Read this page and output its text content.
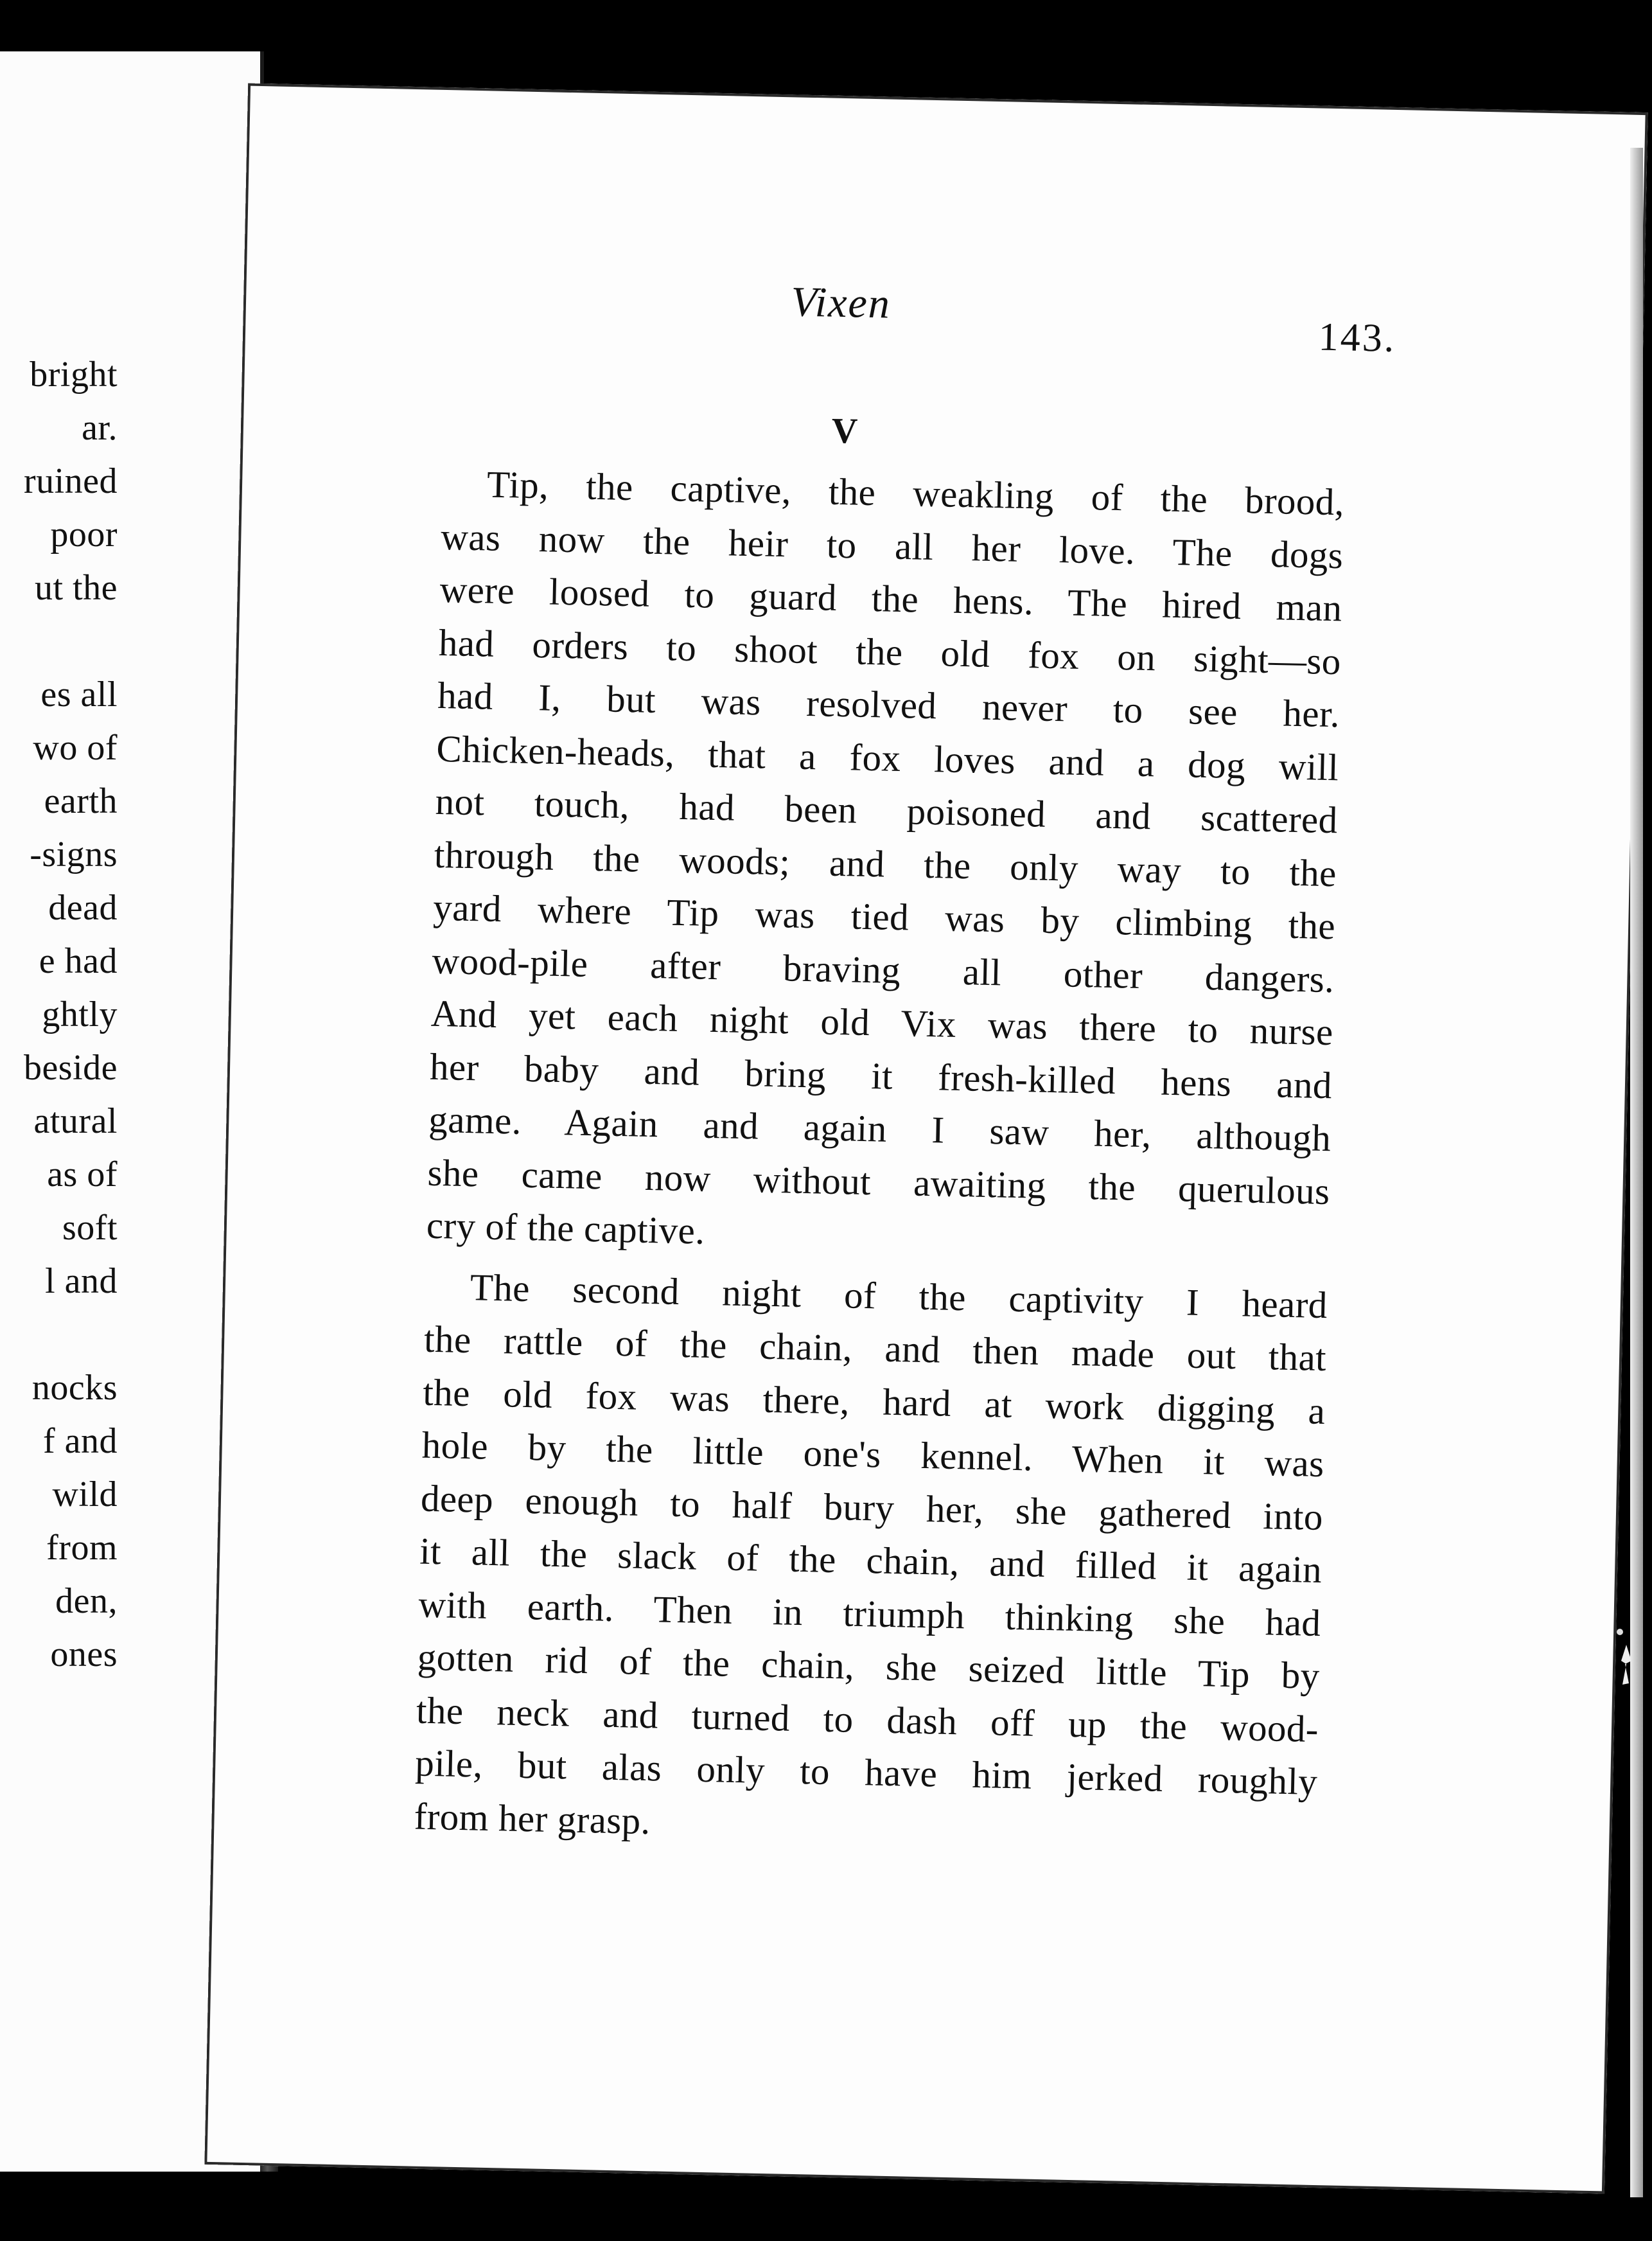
bright
ar.
ruined
poor
ut the
es all
wo of
earth
-signs
dead
e had
ghtly
beside
atural
as of
soft
l and
nocks
f and
wild
from
den,
ones
Vixen
143.
V
Tip, the captive, the weakling of the brood,
was now the heir to all her love. The dogs
were loosed to guard the hens. The hired man
had orders to shoot the old fox on sight—so
had I, but was resolved never to see her.
Chicken-heads, that a fox loves and a dog will
not touch, had been poisoned and scattered
through the woods; and the only way to the
yard where Tip was tied was by climbing the
wood-pile after braving all other dangers.
And yet each night old Vix was there to nurse
her baby and bring it fresh-killed hens and
game. Again and again I saw her, although
she came now without awaiting the querulous
cry of the captive.
The second night of the captivity I heard
the rattle of the chain, and then made out that
the old fox was there, hard at work digging a
hole by the little one's kennel. When it was
deep enough to half bury her, she gathered into
it all the slack of the chain, and filled it again
with earth. Then in triumph thinking she had
gotten rid of the chain, she seized little Tip by
the neck and turned to dash off up the wood-
pile, but alas only to have him jerked roughly
from her grasp.
